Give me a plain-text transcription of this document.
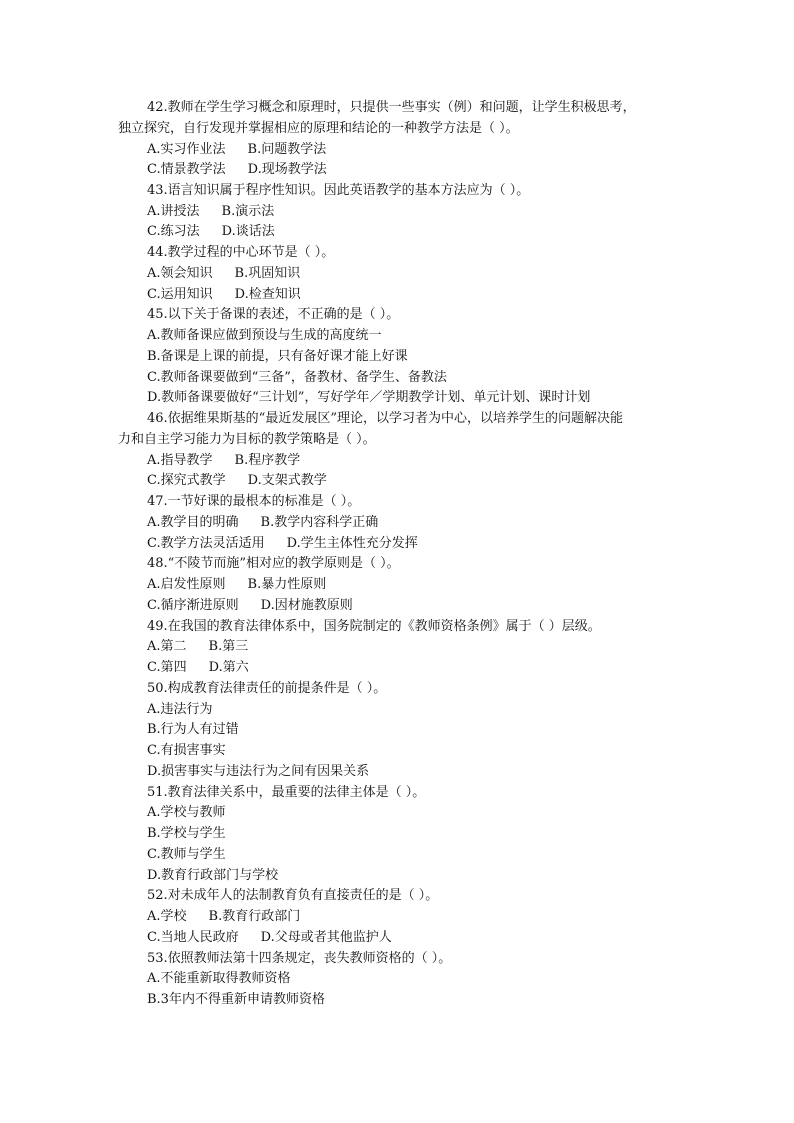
42.教师在学生学习概念和原理时，只提供一些事实（例）和问题，让学生积极思考，
独立探究，自行发现并掌握相应的原理和结论的一种教学方法是（ ）。
A.实习作业法 B.问题教学法
C.情景教学法 D.现场教学法
43.语言知识属于程序性知识。因此英语教学的基本方法应为（ ）。
A.讲授法 B.演示法
C.练习法 D.谈话法
44.教学过程的中心环节是（ ）。
A.领会知识 B.巩固知识
C.运用知识 D.检查知识
45.以下关于备课的表述，不正确的是（ ）。
A.教师备课应做到预设与生成的高度统一
B.备课是上课的前提，只有备好课才能上好课
C.教师备课要做到“三备”，备教材、备学生、备教法
D.教师备课要做好“三计划”，写好学年／学期教学计划、单元计划、课时计划
46.依据维果斯基的“最近发展区”理论，以学习者为中心，以培养学生的问题解决能
力和自主学习能力为目标的教学策略是（ ）。
A.指导教学 B.程序教学
C.探究式教学 D.支架式教学
47.一节好课的最根本的标准是（ ）。
A.教学目的明确 B.教学内容科学正确
C.教学方法灵活适用 D.学生主体性充分发挥
48.“不陵节而施”相对应的教学原则是（ ）。
A.启发性原则 B.暴力性原则
C.循序渐进原则 D.因材施教原则
49.在我国的教育法律体系中，国务院制定的《教师资格条例》属于（ ）层级。
A.第二 B.第三
C.第四 D.第六
50.构成教育法律责任的前提条件是（ ）。
A.违法行为
B.行为人有过错
C.有损害事实
D.损害事实与违法行为之间有因果关系
51.教育法律关系中，最重要的法律主体是（ ）。
A.学校与教师
B.学校与学生
C.教师与学生
D.教育行政部门与学校
52.对未成年人的法制教育负有直接责任的是（ ）。
A.学校 B.教育行政部门
C.当地人民政府 D.父母或者其他监护人
53.依照教师法第十四条规定，丧失教师资格的（ ）。
A.不能重新取得教师资格
B.3年内不得重新申请教师资格
